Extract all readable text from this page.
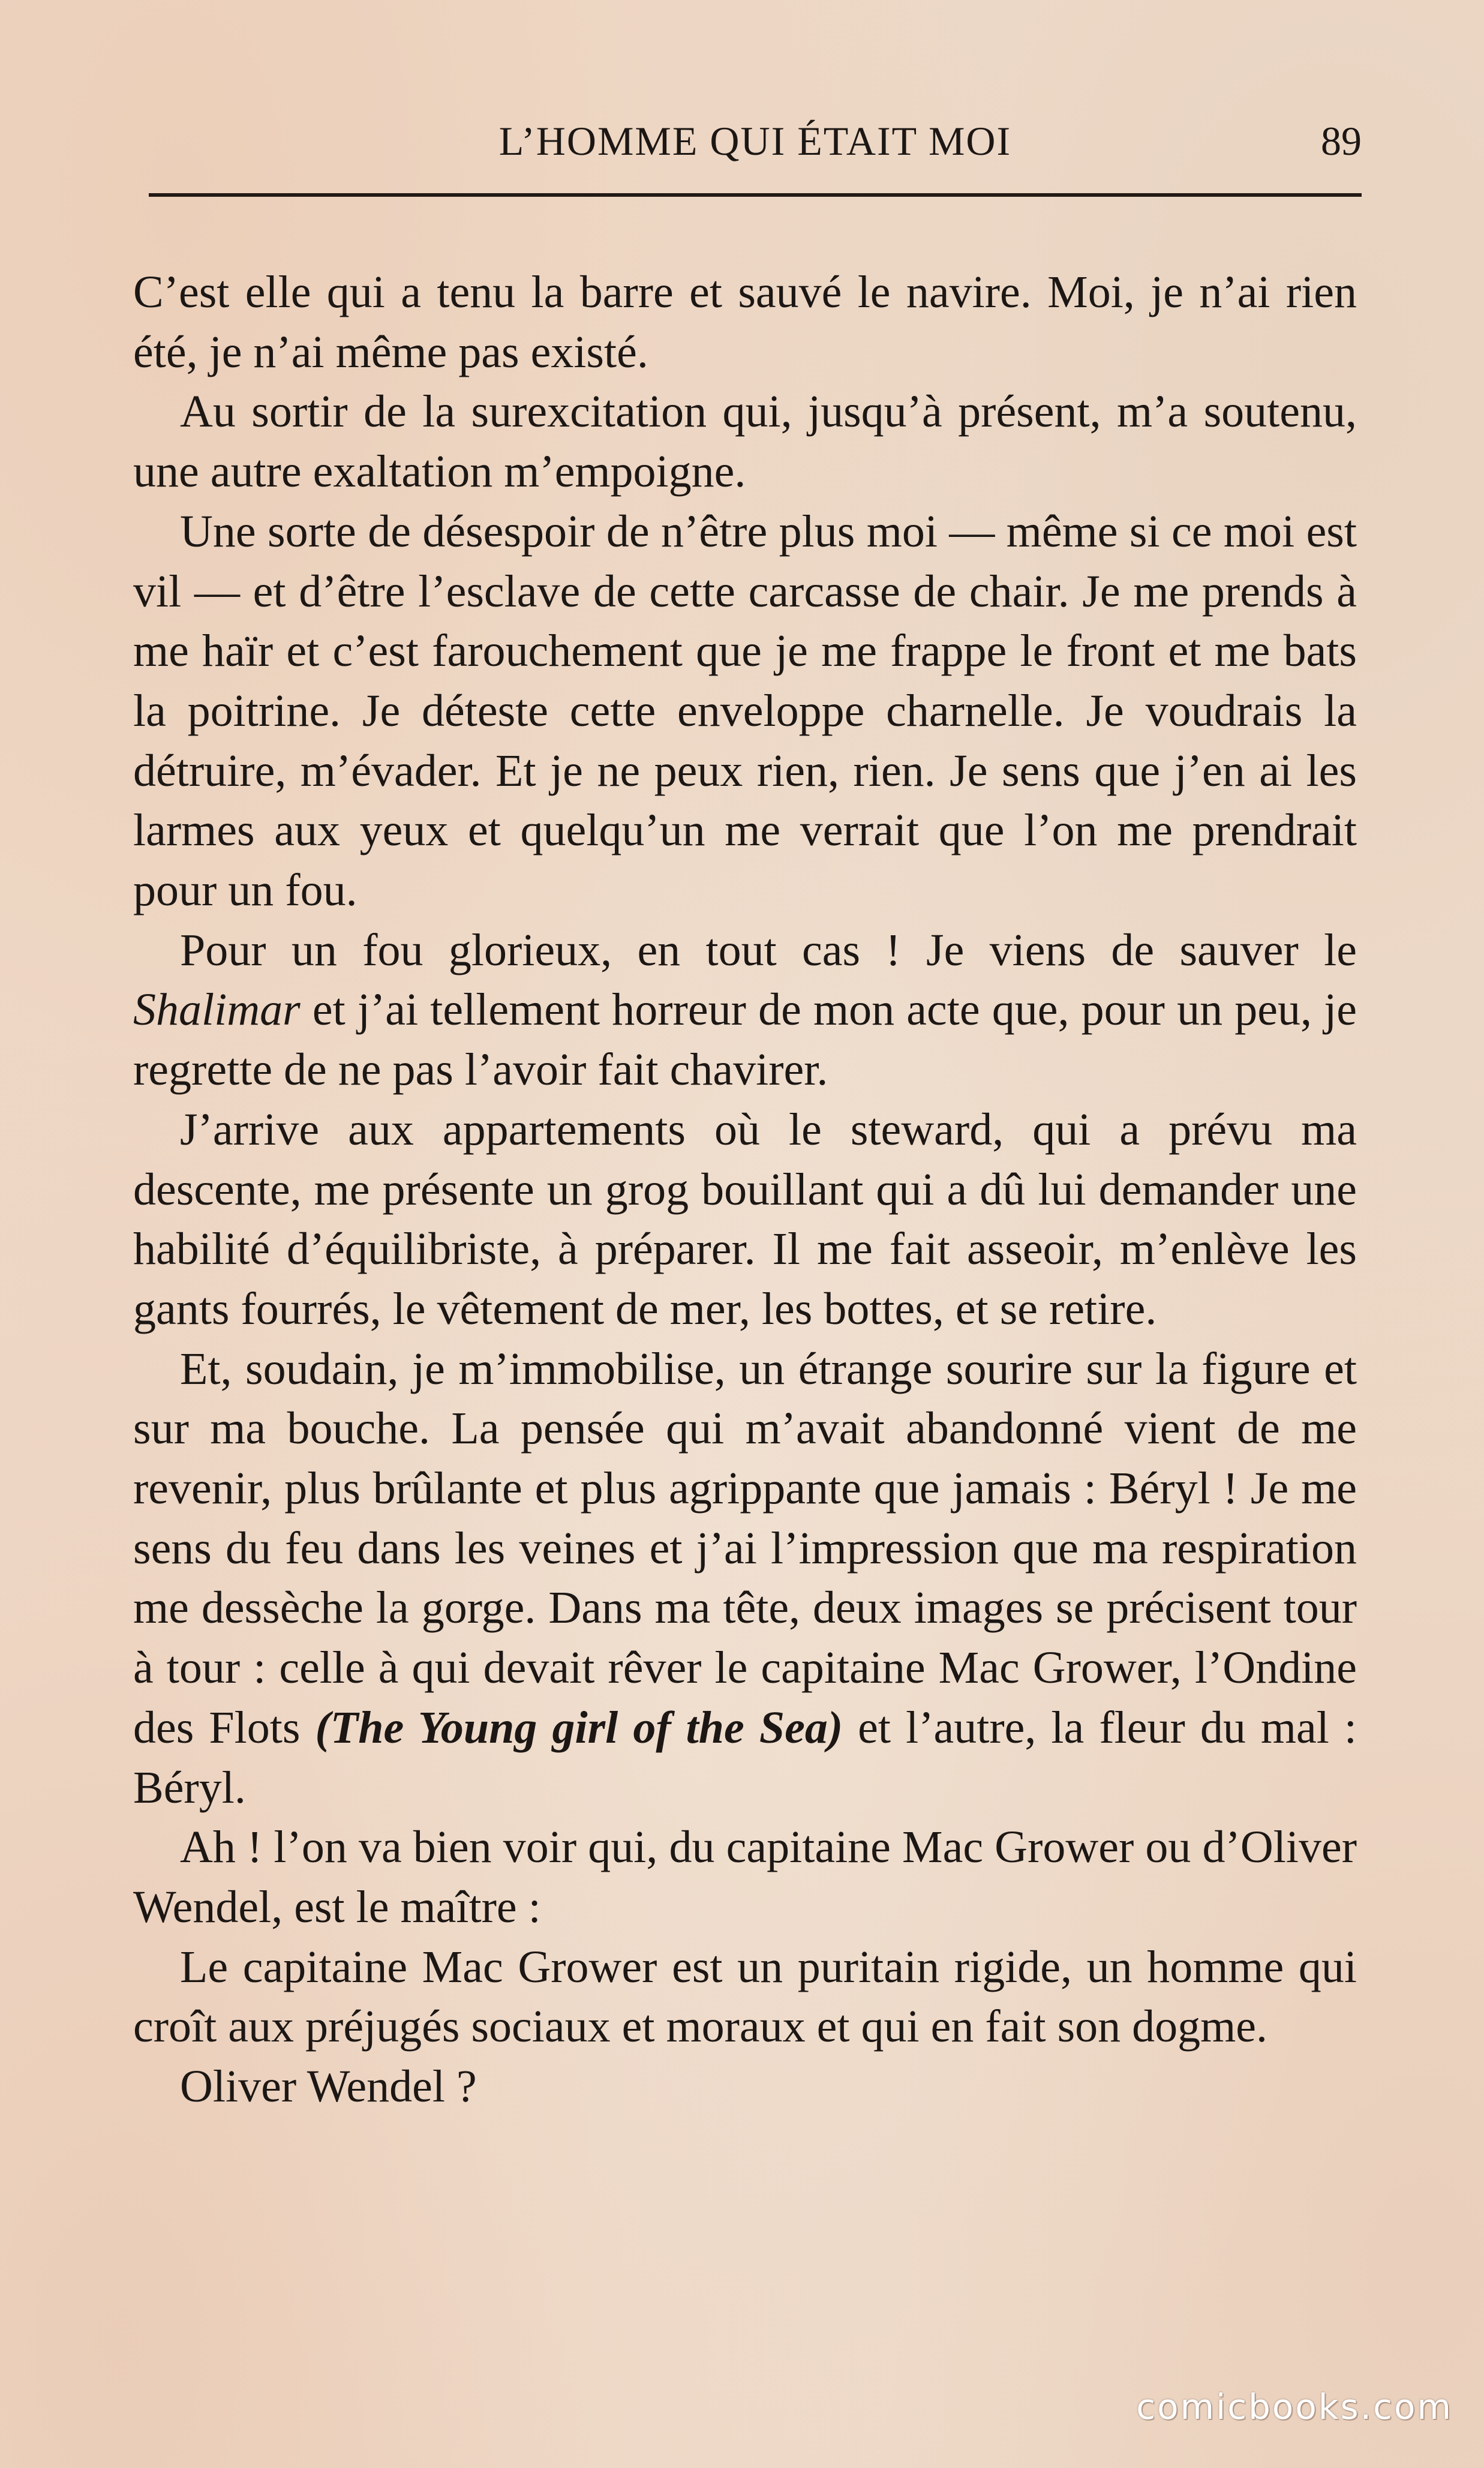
L’HOMME QUI ÉTAIT MOI	89

C’est elle qui a tenu la barre et sauvé le navire. Moi, je n’ai rien été, je n’ai même pas existé.

Au sortir de la surexcitation qui, jusqu’à présent, m’a soutenu, une autre exaltation m’empoigne.

Une sorte de désespoir de n’être plus moi — même si ce moi est vil — et d’être l’esclave de cette carcasse de chair. Je me prends à me haïr et c’est farouchement que je me frappe le front et me bats la poitrine. Je déteste cette enveloppe charnelle. Je voudrais la détruire, m’évader. Et je ne peux rien, rien. Je sens que j’en ai les larmes aux yeux et quelqu’un me verrait que l’on me prendrait pour un fou.

Pour un fou glorieux, en tout cas ! Je viens de sauver le Shalimar et j’ai tellement horreur de mon acte que, pour un peu, je regrette de ne pas l’avoir fait chavirer.

J’arrive aux appartements où le steward, qui a prévu ma descente, me présente un grog bouillant qui a dû lui demander une habilité d’équilibriste, à préparer. Il me fait asseoir, m’enlève les gants fourrés, le vêtement de mer, les bottes, et se retire.

Et, soudain, je m’immobilise, un étrange sourire sur la figure et sur ma bouche. La pensée qui m’avait abandonné vient de me revenir, plus brûlante et plus agrippante que jamais : Béryl ! Je me sens du feu dans les veines et j’ai l’impression que ma respiration me dessèche la gorge. Dans ma tête, deux images se précisent tour à tour : celle à qui devait rêver le capitaine Mac Grower, l’Ondine des Flots (The Young girl of the Sea) et l’autre, la fleur du mal : Béryl.

Ah ! l’on va bien voir qui, du capitaine Mac Grower ou d’Oliver Wendel, est le maître :

Le capitaine Mac Grower est un puritain rigide, un homme qui croît aux préjugés sociaux et moraux et qui en fait son dogme.

Oliver Wendel ?

comicbooks.com
